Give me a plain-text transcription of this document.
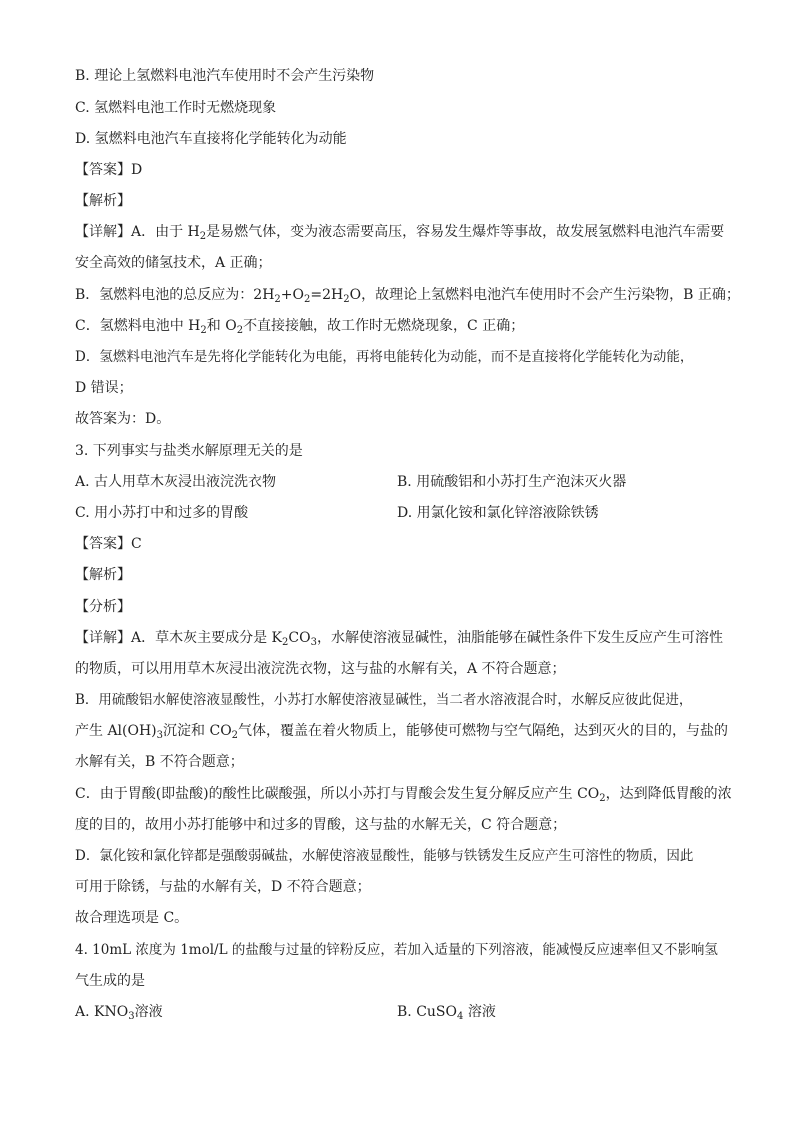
B. 理论上氢燃料电池汽车使用时不会产生污染物
C. 氢燃料电池工作时无燃烧现象
D. 氢燃料电池汽车直接将化学能转化为动能
【答案】D
【解析】
【详解】A．由于 $H_2$是易燃气体，变为液态需要高压，容易发生爆炸等事故，故发展氢燃料电池汽车需要
安全高效的储氢技术，A 正确；
B．氢燃料电池的总反应为：$2H_2+O_2=2H_2O$，故理论上氢燃料电池汽车使用时不会产生污染物，B 正确；
C．氢燃料电池中 $H_2$和 $O_2$不直接接触，故工作时无燃烧现象，C 正确；
D．氢燃料电池汽车是先将化学能转化为电能，再将电能转化为动能，而不是直接将化学能转化为动能，
D 错误；
故答案为：D。
3. 下列事实与盐类水解原理无关的是
A. 古人用草木灰浸出液浣洗衣物	B. 用硫酸铝和小苏打生产泡沫灭火器
C. 用小苏打中和过多的胃酸	D. 用氯化铵和氯化锌溶液除铁锈
【答案】C
【解析】
【分析】
【详解】A．草木灰主要成分是 $K_2CO_3$，水解使溶液显碱性，油脂能够在碱性条件下发生反应产生可溶性
的物质，可以用用草木灰浸出液浣洗衣物，这与盐的水解有关，A 不符合题意；
B．用硫酸铝水解使溶液显酸性，小苏打水解使溶液显碱性，当二者水溶液混合时，水解反应彼此促进，
产生 $Al(OH)_3$沉淀和 $CO_2$气体，覆盖在着火物质上，能够使可燃物与空气隔绝，达到灭火的目的，与盐的
水解有关，B 不符合题意；
C．由于胃酸(即盐酸)的酸性比碳酸强，所以小苏打与胃酸会发生复分解反应产生 $CO_2$，达到降低胃酸的浓
度的目的，故用小苏打能够中和过多的胃酸，这与盐的水解无关，C 符合题意；
D．氯化铵和氯化锌都是强酸弱碱盐，水解使溶液显酸性，能够与铁锈发生反应产生可溶性的物质，因此
可用于除锈，与盐的水解有关，D 不符合题意；
故合理选项是 C。
4. 10mL 浓度为 1mol/L 的盐酸与过量的锌粉反应，若加入适量的下列溶液，能减慢反应速率但又不影响氢
气生成的是
A. $KNO_3$溶液	B. CuSO$_4$ 溶液
